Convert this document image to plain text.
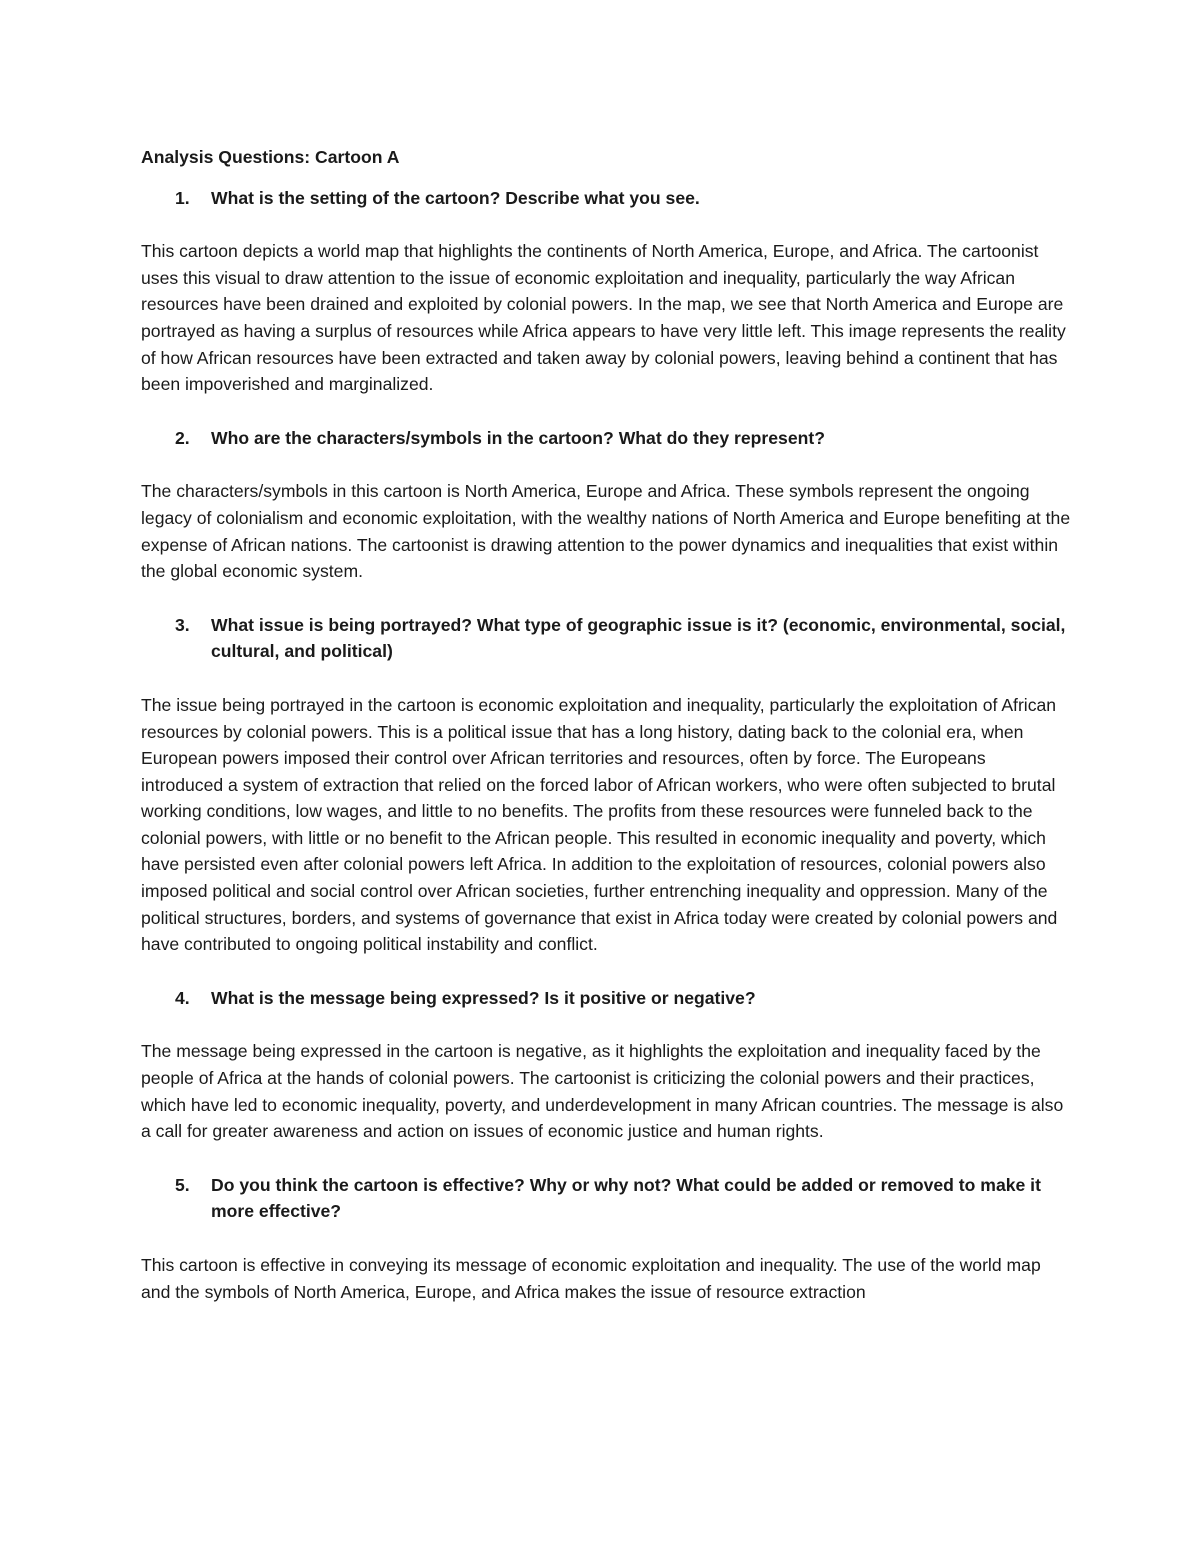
Analysis Questions: Cartoon A
1.	What is the setting of the cartoon? Describe what you see.

This cartoon depicts a world map that highlights the continents of North America, Europe, and Africa. The cartoonist uses this visual to draw attention to the issue of economic exploitation and inequality, particularly the way African resources have been drained and exploited by colonial powers. In the map, we see that North America and Europe are portrayed as having a surplus of resources while Africa appears to have very little left. This image represents the reality of how African resources have been extracted and taken away by colonial powers, leaving behind a continent that has been impoverished and marginalized.

2.	Who are the characters/symbols in the cartoon? What do they represent?

The characters/symbols in this cartoon is North America, Europe and Africa. These symbols represent the ongoing legacy of colonialism and economic exploitation, with the wealthy nations of North America and Europe benefiting at the expense of African nations. The cartoonist is drawing attention to the power dynamics and inequalities that exist within the global economic system.

3.	What issue is being portrayed? What type of geographic issue is it? (economic, environmental, social, cultural, and political)

The issue being portrayed in the cartoon is economic exploitation and inequality, particularly the exploitation of African resources by colonial powers. This is a political issue that has a long history, dating back to the colonial era, when European powers imposed their control over African territories and resources, often by force. The Europeans introduced a system of extraction that relied on the forced labor of African workers, who were often subjected to brutal working conditions, low wages, and little to no benefits. The profits from these resources were funneled back to the colonial powers, with little or no benefit to the African people. This resulted in economic inequality and poverty, which have persisted even after colonial powers left Africa. In addition to the exploitation of resources, colonial powers also imposed political and social control over African societies, further entrenching inequality and oppression. Many of the political structures, borders, and systems of governance that exist in Africa today were created by colonial powers and have contributed to ongoing political instability and conflict.

4.	What is the message being expressed? Is it positive or negative?

The message being expressed in the cartoon is negative, as it highlights the exploitation and inequality faced by the people of Africa at the hands of colonial powers. The cartoonist is criticizing the colonial powers and their practices, which have led to economic inequality, poverty, and underdevelopment in many African countries. The message is also a call for greater awareness and action on issues of economic justice and human rights.

5.	Do you think the cartoon is effective? Why or why not? What could be added or removed to make it more effective?

This cartoon is effective in conveying its message of economic exploitation and inequality. The use of the world map and the symbols of North America, Europe, and Africa makes the issue of resource extraction
